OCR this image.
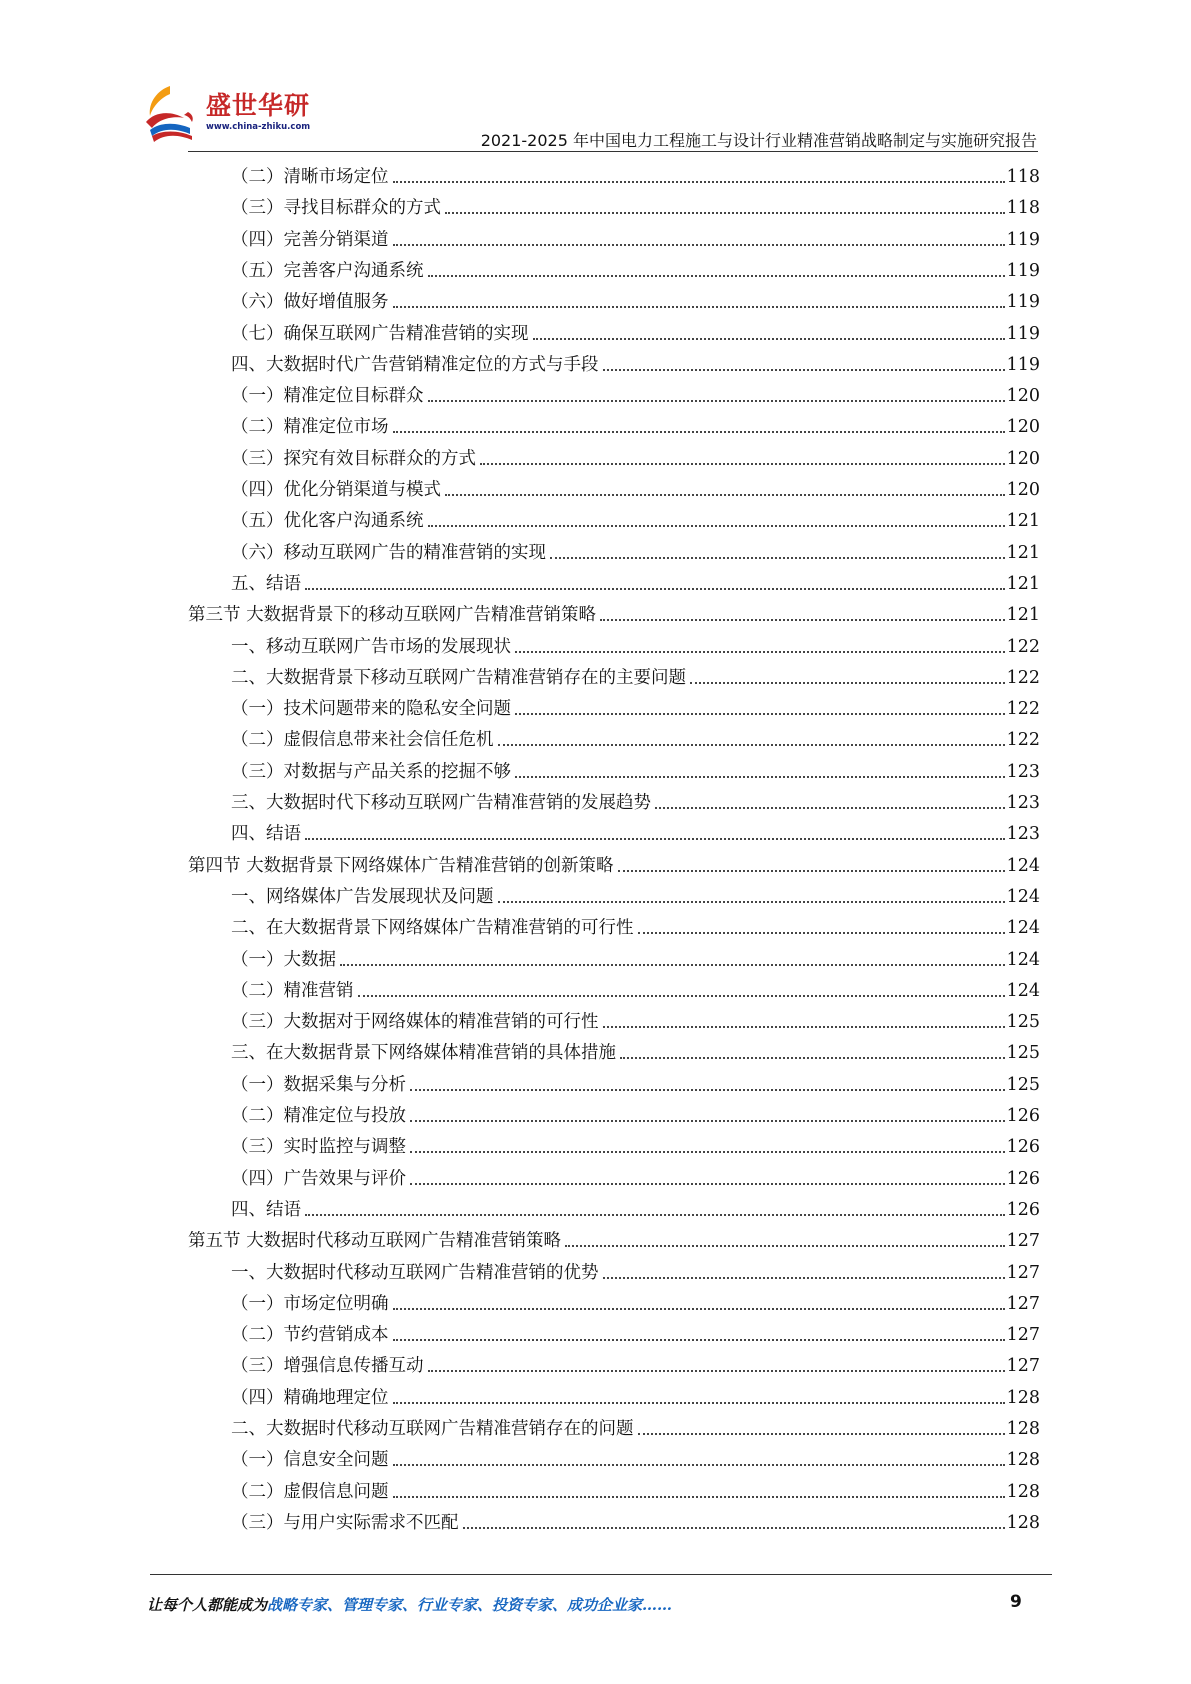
盛世华研
www.china-zhiku.com
2021-2025 年中国电力工程施工与设计行业精准营销战略制定与实施研究报告
（二）清晰市场定位	118
（三）寻找目标群众的方式	118
（四）完善分销渠道	119
（五）完善客户沟通系统	119
（六）做好增值服务	119
（七）确保互联网广告精准营销的实现	119
四、大数据时代广告营销精准定位的方式与手段	119
（一）精准定位目标群众	120
（二）精准定位市场	120
（三）探究有效目标群众的方式	120
（四）优化分销渠道与模式	120
（五）优化客户沟通系统	121
（六）移动互联网广告的精准营销的实现	121
五、结语	121
第三节 大数据背景下的移动互联网广告精准营销策略	121
一、移动互联网广告市场的发展现状	122
二、大数据背景下移动互联网广告精准营销存在的主要问题	122
（一）技术问题带来的隐私安全问题	122
（二）虚假信息带来社会信任危机	122
（三）对数据与产品关系的挖掘不够	123
三、大数据时代下移动互联网广告精准营销的发展趋势	123
四、结语	123
第四节 大数据背景下网络媒体广告精准营销的创新策略	124
一、网络媒体广告发展现状及问题	124
二、在大数据背景下网络媒体广告精准营销的可行性	124
（一）大数据	124
（二）精准营销	124
（三）大数据对于网络媒体的精准营销的可行性	125
三、在大数据背景下网络媒体精准营销的具体措施	125
（一）数据采集与分析	125
（二）精准定位与投放	126
（三）实时监控与调整	126
（四）广告效果与评价	126
四、结语	126
第五节 大数据时代移动互联网广告精准营销策略	127
一、大数据时代移动互联网广告精准营销的优势	127
（一）市场定位明确	127
（二）节约营销成本	127
（三）增强信息传播互动	127
（四）精确地理定位	128
二、大数据时代移动互联网广告精准营销存在的问题	128
（一）信息安全问题	128
（二）虚假信息问题	128
（三）与用户实际需求不匹配	128
让每个人都能成为战略专家、管理专家、行业专家、投资专家、成功企业家……	9
